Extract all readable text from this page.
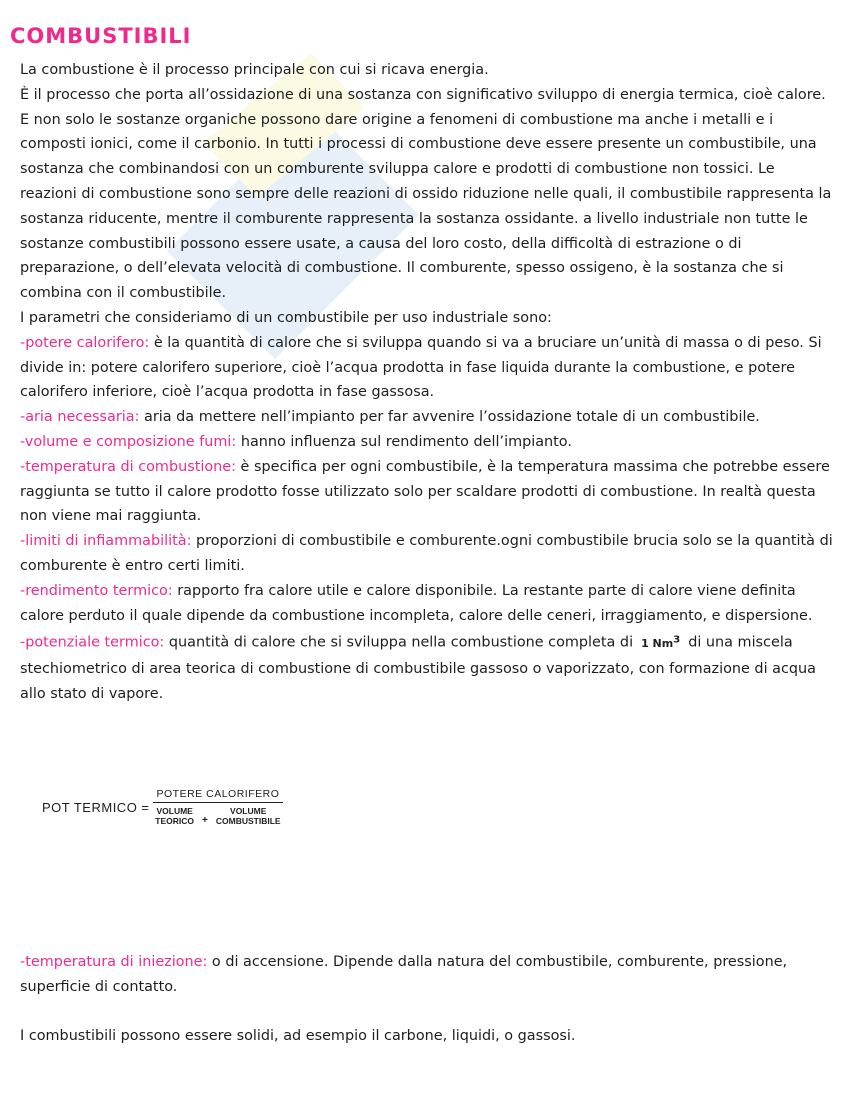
COMBUSTIBILI

La combustione è il processo principale con cui si ricava energia.

È il processo che porta all’ossidazione di una sostanza con significativo sviluppo di energia termica, cioè calore. E non solo le sostanze organiche possono dare origine a fenomeni di combustione ma anche i metalli e i composti ionici, come il carbonio. In tutti i processi di combustione deve essere presente un combustibile, una sostanza che combinandosi con un comburente sviluppa calore e prodotti di combustione non tossici. Le reazioni di combustione sono sempre delle reazioni di ossido riduzione nelle quali, il combustibile rappresenta la sostanza riducente, mentre il comburente rappresenta la sostanza ossidante. a livello industriale non tutte le sostanze combustibili possono essere usate, a causa del loro costo, della difficoltà di estrazione o di preparazione, o dell’elevata velocità di combustione. Il comburente, spesso ossigeno, è la sostanza che si combina con il combustibile.

I parametri che consideriamo di un combustibile per uso industriale sono:

-potere calorifero: è la quantità di calore che si sviluppa quando si va a bruciare un’unità di massa o di peso. Si divide in: potere calorifero superiore, cioè l’acqua prodotta in fase liquida durante la combustione, e potere calorifero inferiore, cioè l’acqua prodotta in fase gassosa.

-aria necessaria: aria da mettere nell’impianto per far avvenire l’ossidazione totale di un combustibile.

-volume e composizione fumi: hanno influenza sul rendimento dell’impianto.

-temperatura di combustione: è specifica per ogni combustibile, è la temperatura massima che potrebbe essere raggiunta se tutto il calore prodotto fosse utilizzato solo per scaldare prodotti di combustione. In realtà questa non viene mai raggiunta.

-limiti di infiammabilità: proporzioni di combustibile e comburente.ogni combustibile brucia solo se la quantità di comburente è entro certi limiti.

-rendimento termico: rapporto fra calore utile e calore disponibile. La restante parte di calore viene definita calore perduto il quale dipende da combustione incompleta, calore delle ceneri, irraggiamento, e dispersione.

-potenziale termico: quantità di calore che si sviluppa nella combustione completa di 1 Nm$^3$ di una miscela stechiometrico di area teorica di combustione di combustibile gassoso o vaporizzato, con formazione di acqua allo stato di vapore.

POT TERMICO =
POTERE CALORIFERO
VOLUME
TEORICO +
VOLUME
COMBUSTIBILE

-temperatura di iniezione: o di accensione. Dipende dalla natura del combustibile, comburente, pressione, superficie di contatto.

I combustibili possono essere solidi, ad esempio il carbone, liquidi, o gassosi.
